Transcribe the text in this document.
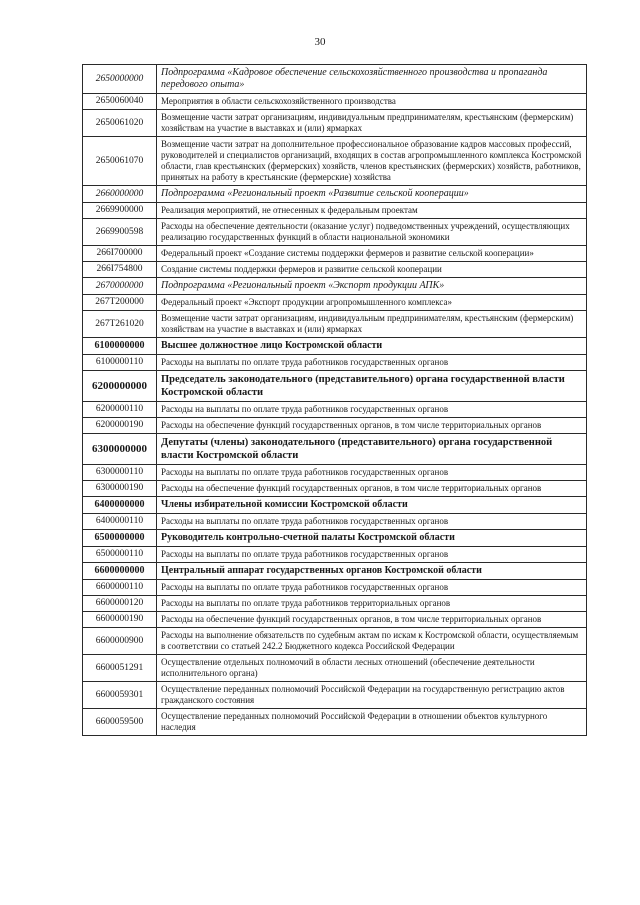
30
2650000000	Подпрограмма «Кадровое обеспечение сельскохозяйственного производства и пропаганда передового опыта»
2650060040	Мероприятия в области сельскохозяйственного производства
2650061020	Возмещение части затрат организациям, индивидуальным предпринимателям, крестьянским (фермерским) хозяйствам на участие в выставках и (или) ярмарках
2650061070	Возмещение части затрат на дополнительное профессиональное образование кадров массовых профессий, руководителей и специалистов организаций, входящих в состав агропромышленного комплекса Костромской области, глав крестьянских (фермерских) хозяйств, членов крестьянских (фермерских) хозяйств, работников, принятых на работу в крестьянские (фермерские) хозяйства
2660000000	Подпрограмма «Региональный проект «Развитие сельской кооперации»
2669900000	Реализация мероприятий, не отнесенных к федеральным проектам
2669900598	Расходы на обеспечение деятельности (оказание услуг) подведомственных учреждений, осуществляющих реализацию государственных функций в области национальной экономики
266I700000	Федеральный проект «Создание системы поддержки фермеров и развитие сельской кооперации»
266I754800	Создание системы поддержки фермеров и развитие сельской кооперации
2670000000	Подпрограмма «Региональный проект «Экспорт продукции АПК»
267T200000	Федеральный проект «Экспорт продукции агропромышленного комплекса»
267T261020	Возмещение части затрат организациям, индивидуальным предпринимателям, крестьянским (фермерским) хозяйствам на участие в выставках и (или) ярмарках
6100000000	Высшее должностное лицо Костромской области
6100000110	Расходы на выплаты по оплате труда работников государственных органов
6200000000	Председатель законодательного (представительного) органа государственной власти Костромской области
6200000110	Расходы на выплаты по оплате труда работников государственных органов
6200000190	Расходы на обеспечение функций государственных органов, в том числе территориальных органов
6300000000	Депутаты (члены) законодательного (представительного) органа государственной власти Костромской области
6300000110	Расходы на выплаты по оплате труда работников государственных органов
6300000190	Расходы на обеспечение функций государственных органов, в том числе территориальных органов
6400000000	Члены избирательной комиссии Костромской области
6400000110	Расходы на выплаты по оплате труда работников государственных органов
6500000000	Руководитель контрольно-счетной палаты Костромской области
6500000110	Расходы на выплаты по оплате труда работников государственных органов
6600000000	Центральный аппарат государственных органов Костромской области
6600000110	Расходы на выплаты по оплате труда работников государственных органов
6600000120	Расходы на выплаты по оплате труда работников территориальных органов
6600000190	Расходы на обеспечение функций государственных органов, в том числе территориальных органов
6600000900	Расходы на выполнение обязательств по судебным актам по искам к Костромской области, осуществляемым в соответствии со статьей 242.2 Бюджетного кодекса Российской Федерации
6600051291	Осуществление отдельных полномочий в области лесных отношений (обеспечение деятельности исполнительного органа)
6600059301	Осуществление переданных полномочий Российской Федерации на государственную регистрацию актов гражданского состояния
6600059500	Осуществление переданных полномочий Российской Федерации в отношении объектов культурного наследия
